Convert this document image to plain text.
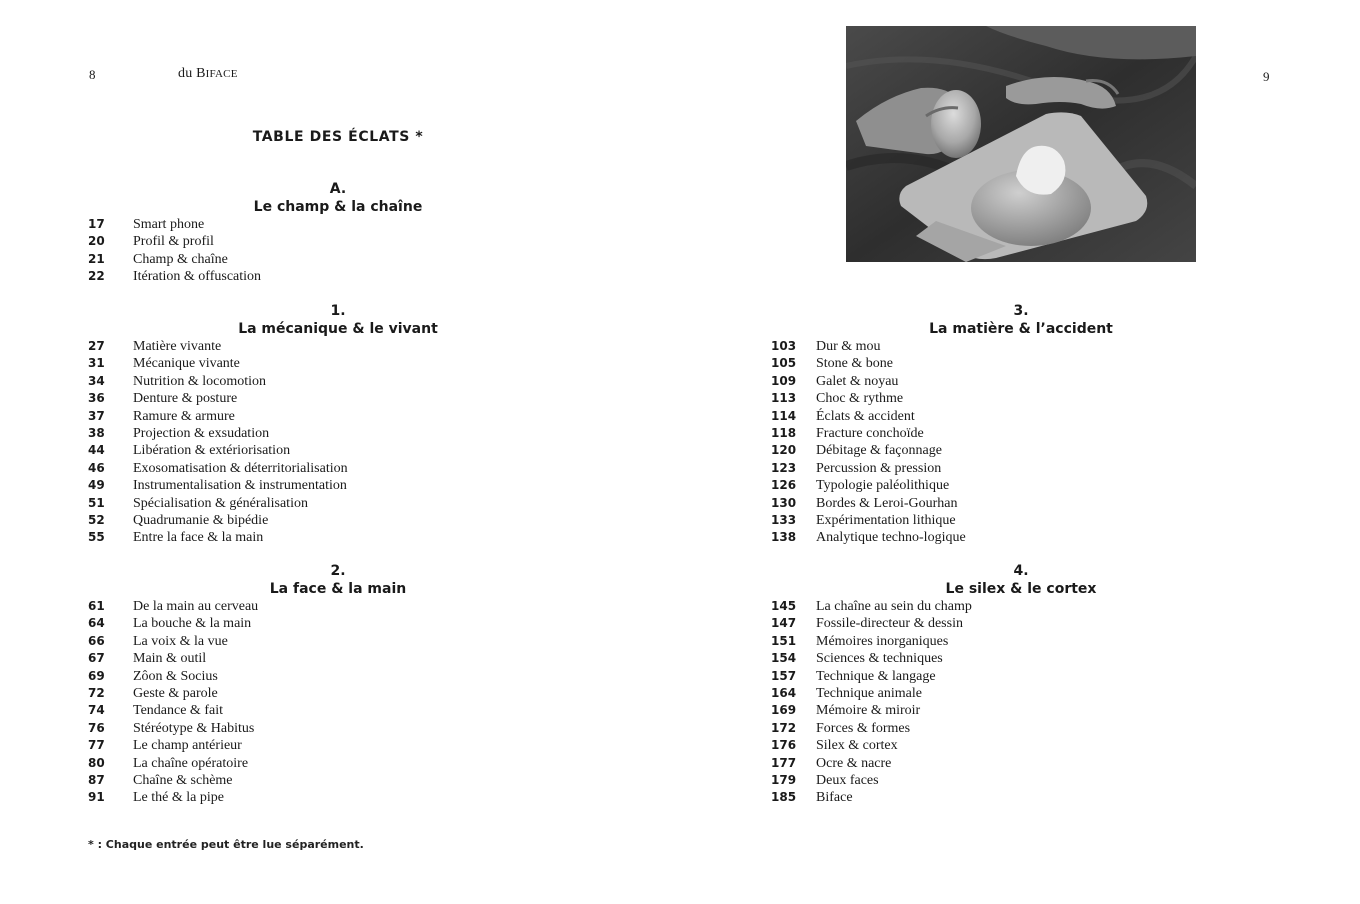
8	du BIFACE
TABLE DES ÉCLATS *
9
A.
Le champ & la chaîne
17 Smart phone
20 Profil & profil
21 Champ & chaîne
22 Itération & offuscation
1.
La mécanique & le vivant
27 Matière vivante
31 Mécanique vivante
34 Nutrition & locomotion
36 Denture & posture
37 Ramure & armure
38 Projection & exsudation
44 Libération & extériorisation
46 Exosomatisation & déterritorialisation
49 Instrumentalisation & instrumentation
51 Spécialisation & généralisation
52 Quadrumanie & bipédie
55 Entre la face & la main
2.
La face & la main
61 De la main au cerveau
64 La bouche & la main
66 La voix & la vue
67 Main & outil
69 Zôon & Socius
72 Geste & parole
74 Tendance & fait
76 Stéréotype & Habitus
77 Le champ antérieur
80 La chaîne opératoire
87 Chaîne & schème
91 Le thé & la pipe
3.
La matière & l’accident
103 Dur & mou
105 Stone & bone
109 Galet & noyau
113 Choc & rythme
114 Éclats & accident
118 Fracture conchoïde
120 Débitage & façonnage
123 Percussion & pression
126 Typologie paléolithique
130 Bordes & Leroi-Gourhan
133 Expérimentation lithique
138 Analytique techno-logique
4.
Le silex & le cortex
145 La chaîne au sein du champ
147 Fossile-directeur & dessin
151 Mémoires inorganiques
154 Sciences & techniques
157 Technique & langage
164 Technique animale
169 Mémoire & miroir
172 Forces & formes
176 Silex & cortex
177 Ocre & nacre
179 Deux faces
185 Biface
* : Chaque entrée peut être lue séparément.
